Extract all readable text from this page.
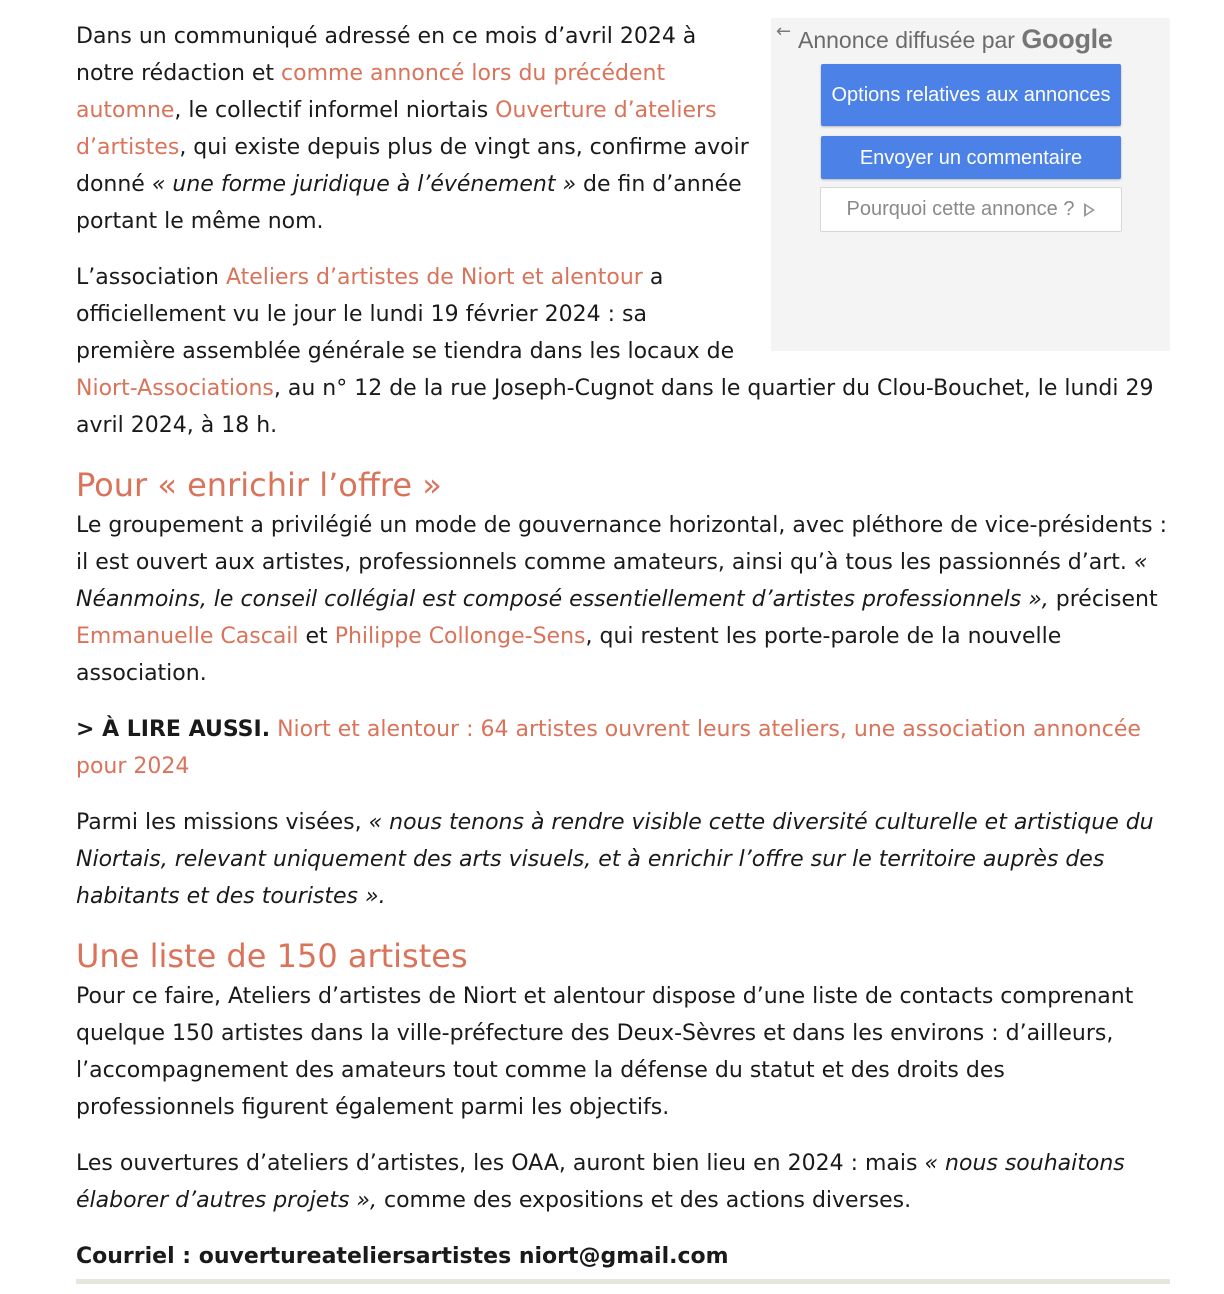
← Annonce diffusée par Google
Options relatives aux annonces
Envoyer un commentaire
Pourquoi cette annonce ?

Dans un communiqué adressé en ce mois d’avril 2024 à notre rédaction et comme annoncé lors du précédent automne, le collectif informel niortais Ouverture d’ateliers d’artistes, qui existe depuis plus de vingt ans, confirme avoir donné « une forme juridique à l’événement » de fin d’année portant le même nom.

L’association Ateliers d’artistes de Niort et alentour a officiellement vu le jour le lundi 19 février 2024 : sa première assemblée générale se tiendra dans les locaux de Niort-Associations, au n° 12 de la rue Joseph-Cugnot dans le quartier du Clou-Bouchet, le lundi 29 avril 2024, à 18 h.

Pour « enrichir l’offre »

Le groupement a privilégié un mode de gouvernance horizontal, avec pléthore de vice-présidents : il est ouvert aux artistes, professionnels comme amateurs, ainsi qu’à tous les passionnés d’art. « Néanmoins, le conseil collégial est composé essentiellement d’artistes professionnels », précisent Emmanuelle Cascail et Philippe Collonge-Sens, qui restent les porte-parole de la nouvelle association.

> À LIRE AUSSI. Niort et alentour : 64 artistes ouvrent leurs ateliers, une association annoncée pour 2024

Parmi les missions visées, « nous tenons à rendre visible cette diversité culturelle et artistique du Niortais, relevant uniquement des arts visuels, et à enrichir l’offre sur le territoire auprès des habitants et des touristes ».

Une liste de 150 artistes

Pour ce faire, Ateliers d’artistes de Niort et alentour dispose d’une liste de contacts comprenant quelque 150 artistes dans la ville-préfecture des Deux-Sèvres et dans les environs : d’ailleurs, l’accompagnement des amateurs tout comme la défense du statut et des droits des professionnels figurent également parmi les objectifs.

Les ouvertures d’ateliers d’artistes, les OAA, auront bien lieu en 2024 : mais « nous souhaitons élaborer d’autres projets », comme des expositions et des actions diverses.

Courriel : ouvertureateliersartistes niort@gmail.com
